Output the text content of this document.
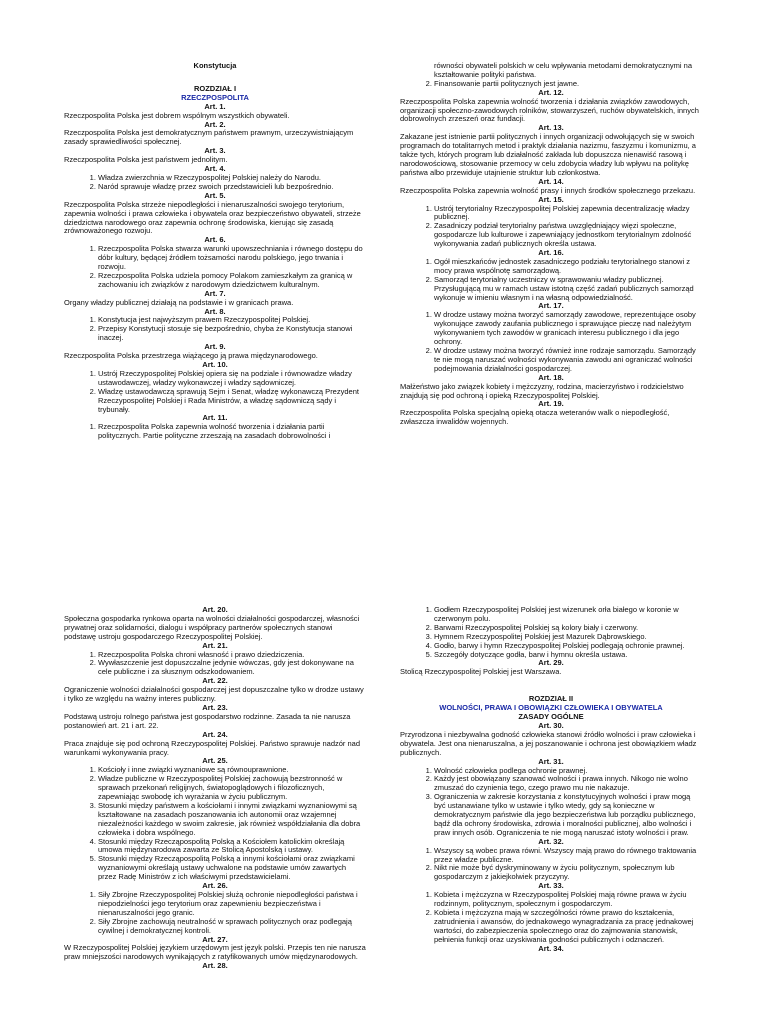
Konstytucja
ROZDZIAŁ I
RZECZPOSPOLITA
Art. 1.

Rzeczpospolita Polska jest dobrem wspólnym wszystkich obywateli.

Art. 2.

Rzeczpospolita Polska jest demokratycznym państwem prawnym, urzeczywistniającym zasady sprawiedliwości społecznej.

Art. 3.

Rzeczpospolita Polska jest państwem jednolitym.

Art. 4.
1. Władza zwierzchnia w Rzeczypospolitej Polskiej należy do Narodu.
2. Naród sprawuje władzę przez swoich przedstawicieli lub bezpośrednio.
Art. 5.

Rzeczpospolita Polska strzeże niepodległości i nienaruszalności swojego terytorium, zapewnia wolności i prawa człowieka i obywatela oraz bezpieczeństwo obywateli, strzeże dziedzictwa narodowego oraz zapewnia ochronę środowiska, kierując się zasadą zrównoważonego rozwoju.

Art. 6.
1. Rzeczpospolita Polska stwarza warunki upowszechniania i równego dostępu do dóbr kultury, będącej źródłem tożsamości narodu polskiego, jego trwania i rozwoju.
2. Rzeczpospolita Polska udziela pomocy Polakom zamieszkałym za granicą w zachowaniu ich związków z narodowym dziedzictwem kulturalnym.
Art. 7.

Organy władzy publicznej działają na podstawie i w granicach prawa.

Art. 8.
1. Konstytucja jest najwyższym prawem Rzeczypospolitej Polskiej.
2. Przepisy Konstytucji stosuje się bezpośrednio, chyba że Konstytucja stanowi inaczej.
Art. 9.

Rzeczpospolita Polska przestrzega wiążącego ją prawa międzynarodowego.

Art. 10.
1. Ustrój Rzeczypospolitej Polskiej opiera się na podziale i równowadze władzy ustawodawczej, władzy wykonawczej i władzy sądowniczej.
2. Władzę ustawodawczą sprawują Sejm i Senat, władzę wykonawczą Prezydent Rzeczypospolitej Polskiej i Rada Ministrów, a władzę sądowniczą sądy i trybunały.
Art. 11.
1. Rzeczpospolita Polska zapewnia wolność tworzenia i działania partii politycznych. Partie polityczne zrzeszają na zasadach dobrowolności i
równości obywateli polskich w celu wpływania metodami demokratycznymi na kształtowanie polityki państwa.
2. Finansowanie partii politycznych jest jawne.
Art. 12.

Rzeczpospolita Polska zapewnia wolność tworzenia i działania związków zawodowych, organizacji społeczno-zawodowych rolników, stowarzyszeń, ruchów obywatelskich, innych dobrowolnych zrzeszeń oraz fundacji.

Art. 13.

Zakazane jest istnienie partii politycznych i innych organizacji odwołujących się w swoich programach do totalitarnych metod i praktyk działania nazizmu, faszyzmu i komunizmu, a także tych, których program lub działalność zakłada lub dopuszcza nienawiść rasową i narodowościową, stosowanie przemocy w celu zdobycia władzy lub wpływu na politykę państwa albo przewiduje utajnienie struktur lub członkostwa.

Art. 14.

Rzeczpospolita Polska zapewnia wolność prasy i innych środków społecznego przekazu.

Art. 15.
1. Ustrój terytorialny Rzeczypospolitej Polskiej zapewnia decentralizację władzy publicznej.
2. Zasadniczy podział terytorialny państwa uwzględniający więzi społeczne, gospodarcze lub kulturowe i zapewniający jednostkom terytorialnym zdolność wykonywania zadań publicznych określa ustawa.
Art. 16.
1. Ogół mieszkańców jednostek zasadniczego podziału terytorialnego stanowi z mocy prawa wspólnotę samorządową.
2. Samorząd terytorialny uczestniczy w sprawowaniu władzy publicznej. Przysługującą mu w ramach ustaw istotną część zadań publicznych samorząd wykonuje w imieniu własnym i na własną odpowiedzialność.
Art. 17.
1. W drodze ustawy można tworzyć samorządy zawodowe, reprezentujące osoby wykonujące zawody zaufania publicznego i sprawujące pieczę nad należytym wykonywaniem tych zawodów w granicach interesu publicznego i dla jego ochrony.
2. W drodze ustawy można tworzyć również inne rodzaje samorządu. Samorządy te nie mogą naruszać wolności wykonywania zawodu ani ograniczać wolności podejmowania działalności gospodarczej.
Art. 18.

Małżeństwo jako związek kobiety i mężczyzny, rodzina, macierzyństwo i rodzicielstwo znajdują się pod ochroną i opieką Rzeczypospolitej Polskiej.

Art. 19.

Rzeczpospolita Polska specjalną opieką otacza weteranów walk o niepodległość, zwłaszcza inwalidów wojennych.

Art. 20.

Społeczna gospodarka rynkowa oparta na wolności działalności gospodarczej, własności prywatnej oraz solidarności, dialogu i współpracy partnerów społecznych stanowi podstawę ustroju gospodarczego Rzeczypospolitej Polskiej.

Art. 21.
1. Rzeczpospolita Polska chroni własność i prawo dziedziczenia.
2. Wywłaszczenie jest dopuszczalne jedynie wówczas, gdy jest dokonywane na cele publiczne i za słusznym odszkodowaniem.
Art. 22.

Ograniczenie wolności działalności gospodarczej jest dopuszczalne tylko w drodze ustawy i tylko ze względu na ważny interes publiczny.

Art. 23.

Podstawą ustroju rolnego państwa jest gospodarstwo rodzinne. Zasada ta nie narusza postanowień art. 21 i art. 22.

Art. 24.

Praca znajduje się pod ochroną Rzeczypospolitej Polskiej. Państwo sprawuje nadzór nad warunkami wykonywania pracy.

Art. 25.
1. Kościoły i inne związki wyznaniowe są równouprawnione.
2. Władze publiczne w Rzeczypospolitej Polskiej zachowują bezstronność w sprawach przekonań religijnych, światopoglądowych i filozoficznych, zapewniając swobodę ich wyrażania w życiu publicznym.
3. Stosunki między państwem a kościołami i innymi związkami wyznaniowymi są kształtowane na zasadach poszanowania ich autonomii oraz wzajemnej niezależności każdego w swoim zakresie, jak również współdziałania dla dobra człowieka i dobra wspólnego.
4. Stosunki między Rzecząpospolitą Polską a Kościołem katolickim określają umowa międzynarodowa zawarta ze Stolicą Apostolską i ustawy.
5. Stosunki między Rzecząpospolitą Polską a innymi kościołami oraz związkami wyznaniowymi określają ustawy uchwalone na podstawie umów zawartych przez Radę Ministrów z ich właściwymi przedstawicielami.
Art. 26.
1. Siły Zbrojne Rzeczypospolitej Polskiej służą ochronie niepodległości państwa i niepodzielności jego terytorium oraz zapewnieniu bezpieczeństwa i nienaruszalności jego granic.
2. Siły Zbrojne zachowują neutralność w sprawach politycznych oraz podlegają cywilnej i demokratycznej kontroli.
Art. 27.

W Rzeczypospolitej Polskiej językiem urzędowym jest język polski. Przepis ten nie narusza praw mniejszości narodowych wynikających z ratyfikowanych umów międzynarodowych.

Art. 28.
1. Godłem Rzeczypospolitej Polskiej jest wizerunek orła białego w koronie w czerwonym polu.
2. Barwami Rzeczypospolitej Polskiej są kolory biały i czerwony.
3. Hymnem Rzeczypospolitej Polskiej jest Mazurek Dąbrowskiego.
4. Godło, barwy i hymn Rzeczypospolitej Polskiej podlegają ochronie prawnej.
5. Szczegóły dotyczące godła, barw i hymnu określa ustawa.
Art. 29.

Stolicą Rzeczypospolitej Polskiej jest Warszawa.

ROZDZIAŁ II
WOLNOŚCI, PRAWA I OBOWIĄZKI CZŁOWIEKA I OBYWATELA
ZASADY OGÓLNE
Art. 30.

Przyrodzona i niezbywalna godność człowieka stanowi źródło wolności i praw człowieka i obywatela. Jest ona nienaruszalna, a jej poszanowanie i ochrona jest obowiązkiem władz publicznych.

Art. 31.
1. Wolność człowieka podlega ochronie prawnej.
2. Każdy jest obowiązany szanować wolności i prawa innych. Nikogo nie wolno zmuszać do czynienia tego, czego prawo mu nie nakazuje.
3. Ograniczenia w zakresie korzystania z konstytucyjnych wolności i praw mogą być ustanawiane tylko w ustawie i tylko wtedy, gdy są konieczne w demokratycznym państwie dla jego bezpieczeństwa lub porządku publicznego, bądź dla ochrony środowiska, zdrowia i moralności publicznej, albo wolności i praw innych osób. Ograniczenia te nie mogą naruszać istoty wolności i praw.
Art. 32.
1. Wszyscy są wobec prawa równi. Wszyscy mają prawo do równego traktowania przez władze publiczne.
2. Nikt nie może być dyskryminowany w życiu politycznym, społecznym lub gospodarczym z jakiejkolwiek przyczyny.
Art. 33.
1. Kobieta i mężczyzna w Rzeczypospolitej Polskiej mają równe prawa w życiu rodzinnym, politycznym, społecznym i gospodarczym.
2. Kobieta i mężczyzna mają w szczególności równe prawo do kształcenia, zatrudnienia i awansów, do jednakowego wynagradzania za pracę jednakowej wartości, do zabezpieczenia społecznego oraz do zajmowania stanowisk, pełnienia funkcji oraz uzyskiwania godności publicznych i odznaczeń.
Art. 34.
